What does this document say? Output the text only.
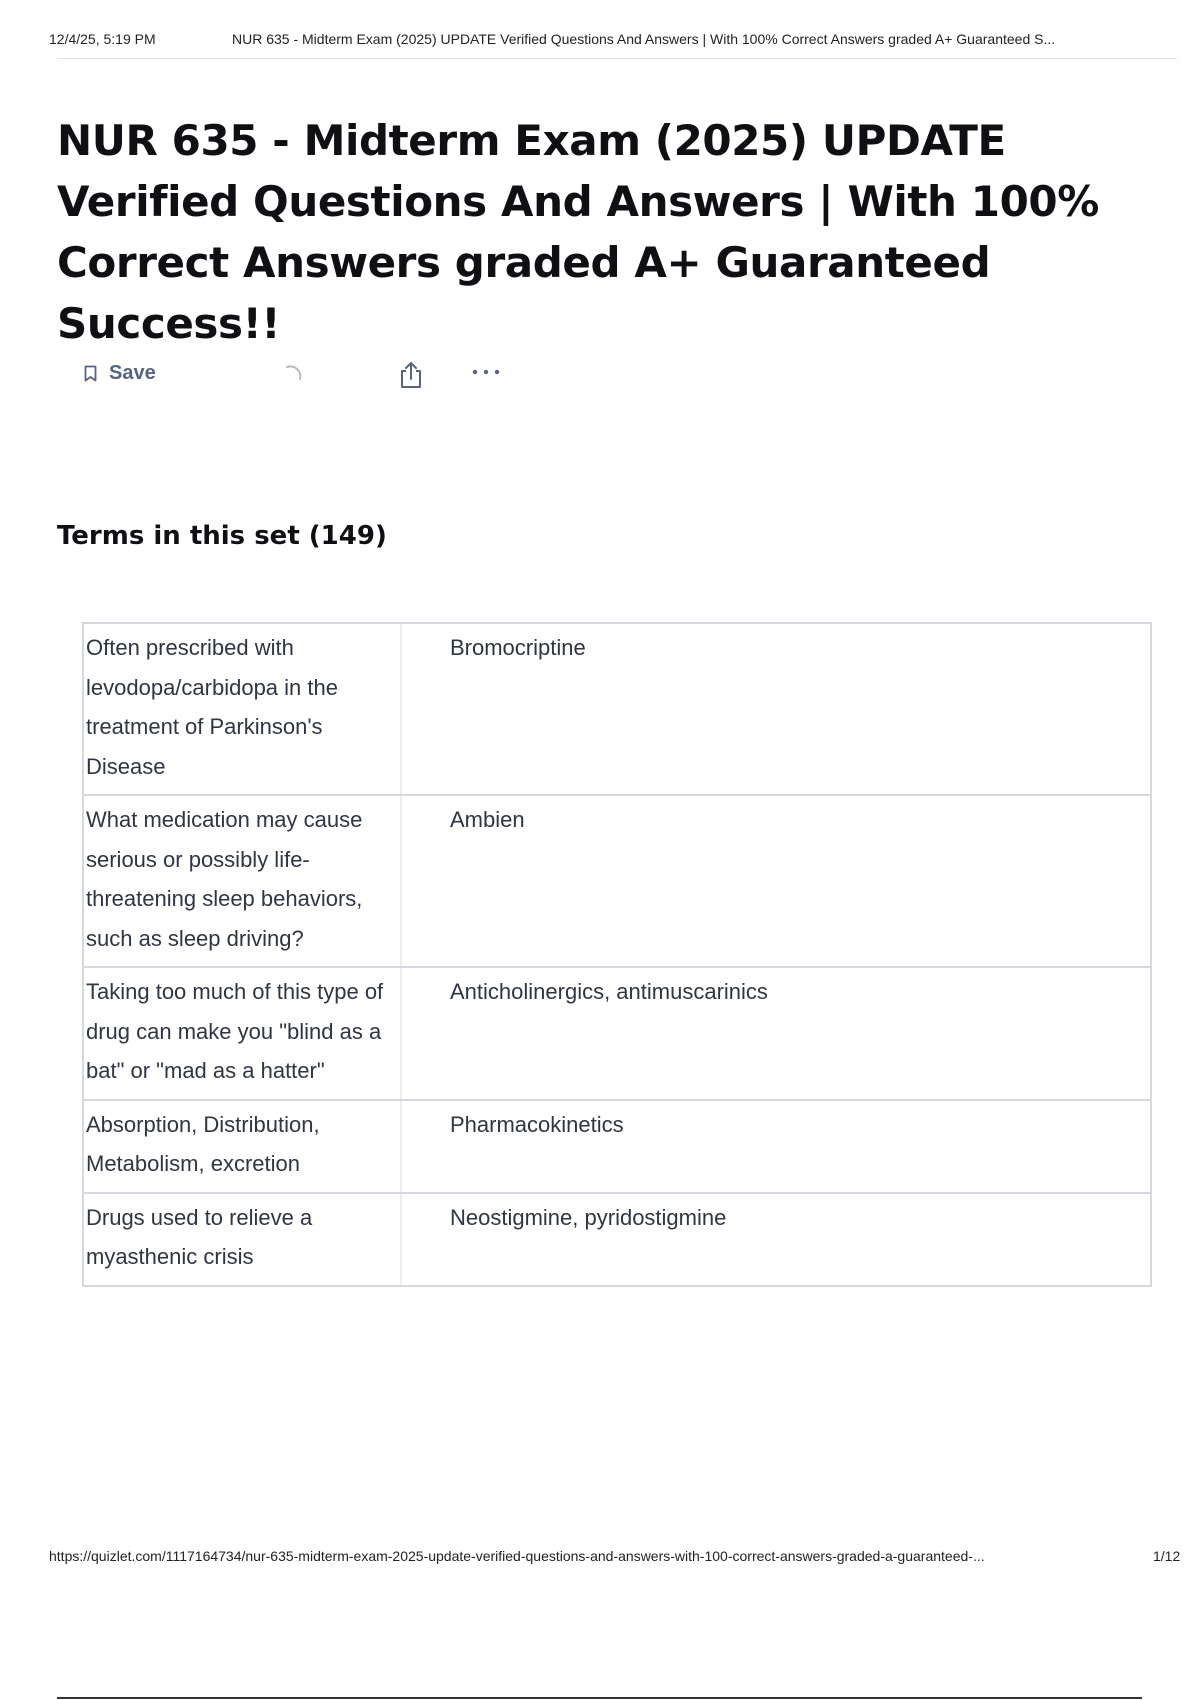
12/4/25, 5:19 PM	NUR 635 - Midterm Exam (2025) UPDATE Verified Questions And Answers | With 100% Correct Answers graded A+ Guaranteed S...
NUR 635 - Midterm Exam (2025) UPDATE Verified Questions And Answers | With 100% Correct Answers graded A+ Guaranteed Success!!
Save
Terms in this set (149)
Often prescribed with levodopa/carbidopa in the treatment of Parkinson's Disease
Bromocriptine
What medication may cause serious or possibly life-threatening sleep behaviors, such as sleep driving?
Ambien
Taking too much of this type of drug can make you "blind as a bat" or "mad as a hatter"
Anticholinergics, antimuscarinics
Absorption, Distribution, Metabolism, excretion
Pharmacokinetics
Drugs used to relieve a myasthenic crisis
Neostigmine, pyridostigmine
https://quizlet.com/1117164734/nur-635-midterm-exam-2025-update-verified-questions-and-answers-with-100-correct-answers-graded-a-guaranteed-...	1/12
